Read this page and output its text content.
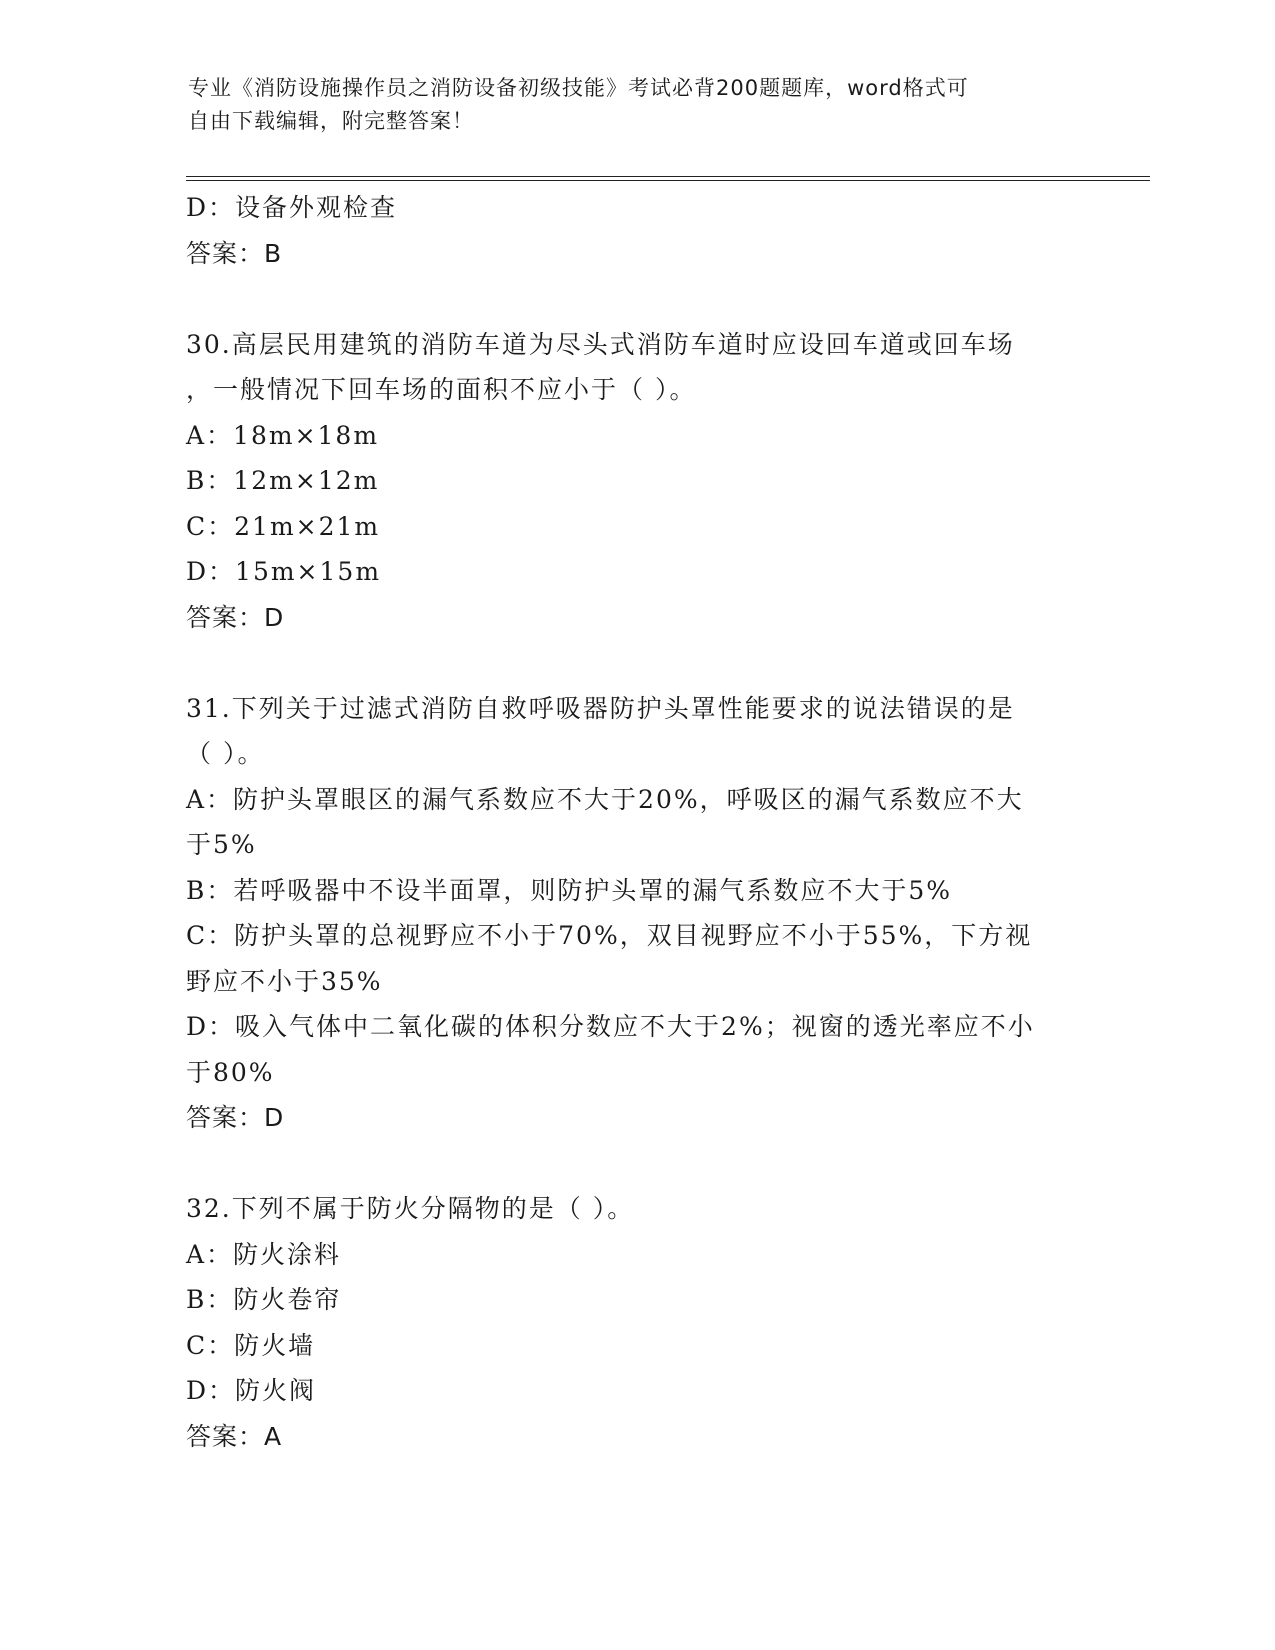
专业《消防设施操作员之消防设备初级技能》考试必背200题题库，word格式可
自由下载编辑，附完整答案！
D：设备外观检查
答案：B
30.高层民用建筑的消防车道为尽头式消防车道时应设回车道或回车场
，一般情况下回车场的面积不应小于（ ）。
A：18m×18m
B：12m×12m
C：21m×21m
D：15m×15m
答案：D
31.下列关于过滤式消防自救呼吸器防护头罩性能要求的说法错误的是
（ ）。
A：防护头罩眼区的漏气系数应不大于20%，呼吸区的漏气系数应不大
于5%
B：若呼吸器中不设半面罩，则防护头罩的漏气系数应不大于5%
C：防护头罩的总视野应不小于70%，双目视野应不小于55%，下方视
野应不小于35%
D：吸入气体中二氧化碳的体积分数应不大于2%；视窗的透光率应不小
于80%
答案：D
32.下列不属于防火分隔物的是（ ）。
A：防火涂料
B：防火卷帘
C：防火墙
D：防火阀
答案：A
